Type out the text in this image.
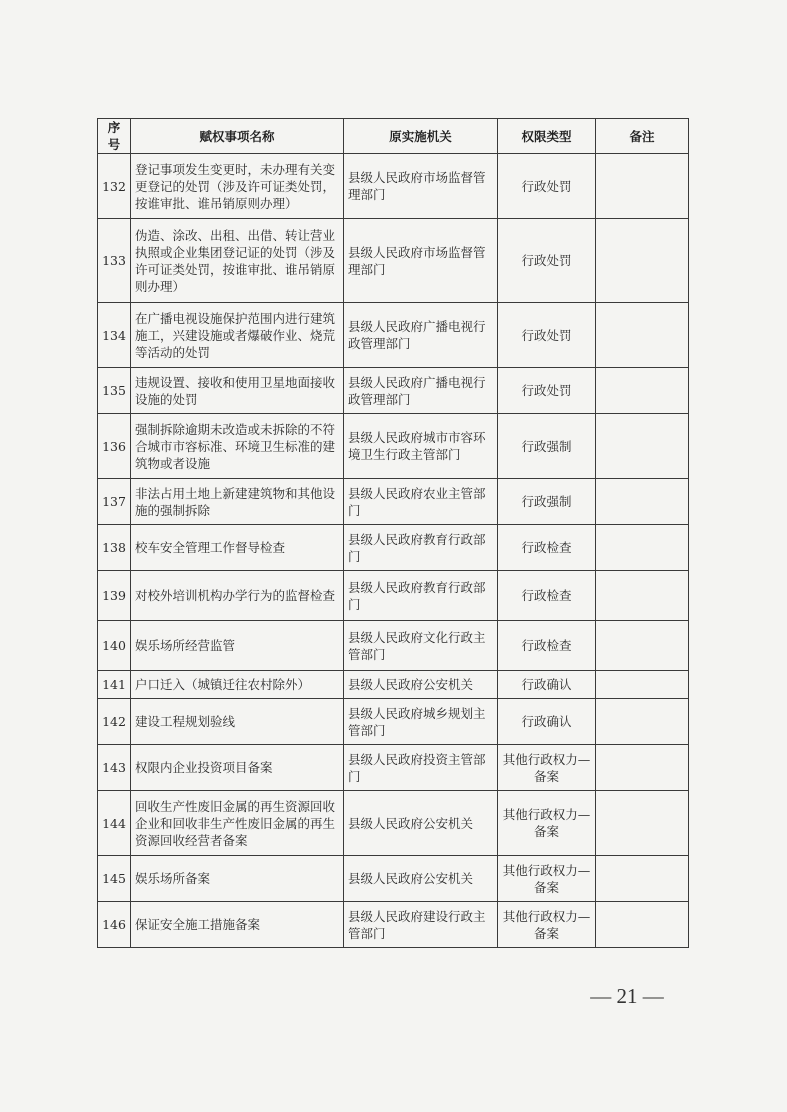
序号	赋权事项名称	原实施机关	权限类型	备注
132	登记事项发生变更时，未办理有关变更登记的处罚（涉及许可证类处罚，按谁审批、谁吊销原则办理）	县级人民政府市场监督管理部门	行政处罚	
133	伪造、涂改、出租、出借、转让营业执照或企业集团登记证的处罚（涉及许可证类处罚，按谁审批、谁吊销原则办理）	县级人民政府市场监督管理部门	行政处罚	
134	在广播电视设施保护范围内进行建筑施工，兴建设施或者爆破作业、烧荒等活动的处罚	县级人民政府广播电视行政管理部门	行政处罚	
135	违规设置、接收和使用卫星地面接收设施的处罚	县级人民政府广播电视行政管理部门	行政处罚	
136	强制拆除逾期未改造或未拆除的不符合城市市容标准、环境卫生标准的建筑物或者设施	县级人民政府城市市容环境卫生行政主管部门	行政强制	
137	非法占用土地上新建建筑物和其他设施的强制拆除	县级人民政府农业主管部门	行政强制	
138	校车安全管理工作督导检查	县级人民政府教育行政部门	行政检查	
139	对校外培训机构办学行为的监督检查	县级人民政府教育行政部门	行政检查	
140	娱乐场所经营监管	县级人民政府文化行政主管部门	行政检查	
141	户口迁入（城镇迁往农村除外）	县级人民政府公安机关	行政确认	
142	建设工程规划验线	县级人民政府城乡规划主管部门	行政确认	
143	权限内企业投资项目备案	县级人民政府投资主管部门	其他行政权力—备案	
144	回收生产性废旧金属的再生资源回收企业和回收非生产性废旧金属的再生资源回收经营者备案	县级人民政府公安机关	其他行政权力—备案	
145	娱乐场所备案	县级人民政府公安机关	其他行政权力—备案	
146	保证安全施工措施备案	县级人民政府建设行政主管部门	其他行政权力—备案	
— 21 —
